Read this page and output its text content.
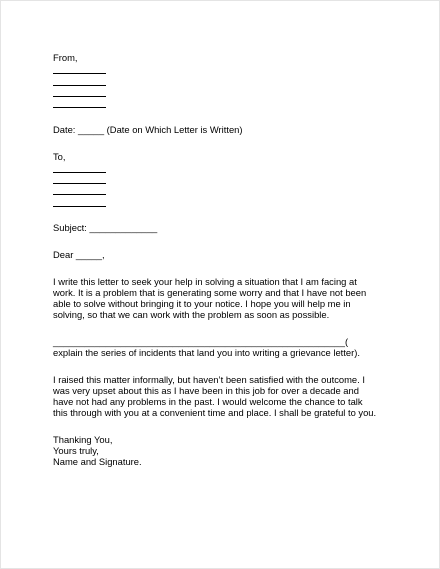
From,
Date: _____ (Date on Which Letter is Written)
To,
Subject: _____________
Dear _____,
I write this letter to seek your help in solving a situation that I am facing at
work. It is a problem that is generating some worry and that I have not been
able to solve without bringing it to your notice. I hope you will help me in
solving, so that we can work with the problem as soon as possible.
________________________________________________________(
explain the series of incidents that land you into writing a grievance letter).
I raised this matter informally, but haven’t been satisfied with the outcome. I
was very upset about this as I have been in this job for over a decade and
have not had any problems in the past. I would welcome the chance to talk
this through with you at a convenient time and place. I shall be grateful to you.
Thanking You,
Yours truly,
Name and Signature.
